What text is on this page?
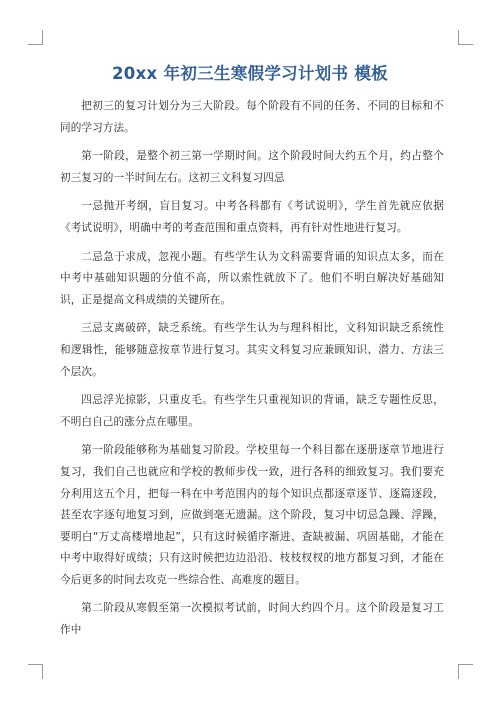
20xx 年初三生寒假学习计划书 模板

把初三的复习计划分为三大阶段。每个阶段有不同的任务、不同的目标和不同的学习方法。

第一阶段，是整个初三第一学期时间。这个阶段时间大约五个月，约占整个初三复习的一半时间左右。这初三文科复习四忌

一忌抛开考纲，盲目复习。中考各科都有《考试说明》，学生首先就应依据《考试说明》，明确中考的考查范围和重点资料，再有针对性地进行复习。

二忌急于求成，忽视小题。有些学生认为文科需要背诵的知识点太多，而在中考中基础知识题的分值不高，所以索性就放下了。他们不明白解决好基础知识，正是提高文科成绩的关键所在。

三忌支离破碎，缺乏系统。有些学生认为与理科相比，文科知识缺乏系统性和逻辑性，能够随意按章节进行复习。其实文科复习应兼顾知识、潜力、方法三个层次。

四忌浮光掠影，只重皮毛。有些学生只重视知识的背诵，缺乏专题性反思，不明白自己的涨分点在哪里。

第一阶段能够称为基础复习阶段。学校里每一个科目都在逐册逐章节地进行复习，我们自己也就应和学校的教师步伐一致，进行各科的细致复习。我们要充分利用这五个月，把每一科在中考范围内的每个知识点都逐章逐节、逐篇逐段，甚至农字逐句地复习到，应做到毫无遗漏。这个阶段，复习中切忌急躁、浮躁，要明白“万丈高楼增地起”，只有这时候循序渐进、查缺被漏、巩固基础，才能在中考中取得好成绩；只有这时候把边边沿沿、枝枝杈杈的地方都复习到，才能在今后更多的时间去攻克一些综合性、高难度的题目。

第二阶段从寒假至第一次模拟考试前，时间大约四个月。这个阶段是复习工作中
